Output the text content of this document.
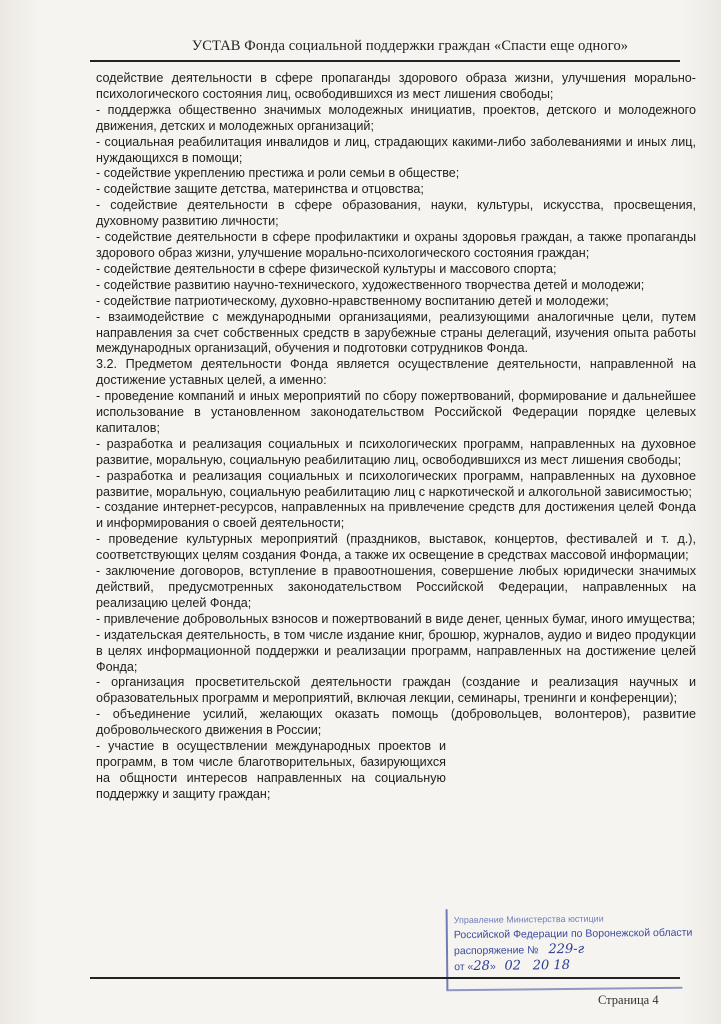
УСТАВ Фонда социальной поддержки граждан «Спасти еще одного»

содействие деятельности в сфере пропаганды здорового образа жизни, улучшения морально-психологического состояния лиц, освободившихся из мест лишения свободы;

- поддержка общественно значимых молодежных инициатив, проектов, детского и молодежного движения, детских и молодежных организаций;

- социальная реабилитация инвалидов и лиц, страдающих какими-либо заболеваниями и иных лиц, нуждающихся в помощи;

- содействие укреплению престижа и роли семьи в обществе;

- содействие защите детства, материнства и отцовства;

- содействие деятельности в сфере образования, науки, культуры, искусства, просвещения, духовному развитию личности;

- содействие деятельности в сфере профилактики и охраны здоровья граждан, а также пропаганды здорового образ жизни, улучшение морально-психологического состояния граждан;

- содействие деятельности в сфере физической культуры и массового спорта;

- содействие развитию научно-технического, художественного творчества детей и молодежи;

- содействие патриотическому, духовно-нравственному воспитанию детей и молодежи;

- взаимодействие с международными организациями, реализующими аналогичные цели, путем направления за счет собственных средств в зарубежные страны делегаций, изучения опыта работы международных организаций, обучения и подготовки сотрудников Фонда.

3.2. Предметом деятельности Фонда является осуществление деятельности, направленной на достижение уставных целей, а именно:

- проведение компаний и иных мероприятий по сбору пожертвований, формирование и дальнейшее использование в установленном законодательством Российской Федерации порядке целевых капиталов;

- разработка и реализация социальных и психологических программ, направленных на духовное развитие, моральную, социальную реабилитацию лиц, освободившихся из мест лишения свободы;

- разработка и реализация социальных и психологических программ, направленных на духовное развитие, моральную, социальную реабилитацию лиц с наркотической и алкогольной зависимостью;

- создание интернет-ресурсов, направленных на привлечение средств для достижения целей Фонда и информирования о своей деятельности;

- проведение культурных мероприятий (праздников, выставок, концертов, фестивалей и т. д.), соответствующих целям создания Фонда, а также их освещение в средствах массовой информации;

- заключение договоров, вступление в правоотношения, совершение любых юридически значимых действий, предусмотренных законодательством Российской Федерации, направленных на реализацию целей Фонда;

- привлечение добровольных взносов и пожертвований в виде денег, ценных бумаг, иного имущества;

- издательская деятельность, в том числе издание книг, брошюр, журналов, аудио и видео продукции в целях информационной поддержки и реализации программ, направленных на достижение целей Фонда;

- организация просветительской деятельности граждан (создание и реализация научных и образовательных программ и мероприятий, включая лекции, семинары, тренинги и конференции);

- объединение усилий, желающих оказать помощь (добровольцев, волонтеров), развитие добровольческого движения в России;

- участие в осуществлении международных проектов и программ, в том числе благотворительных, базирующихся на общности интересов направленных на социальную поддержку и защиту граждан;

Управление Министерства юстиции
Российской Федерации по Воронежской области
распоряжение № 229-г
от «28»   02 20 18
Страница 4
